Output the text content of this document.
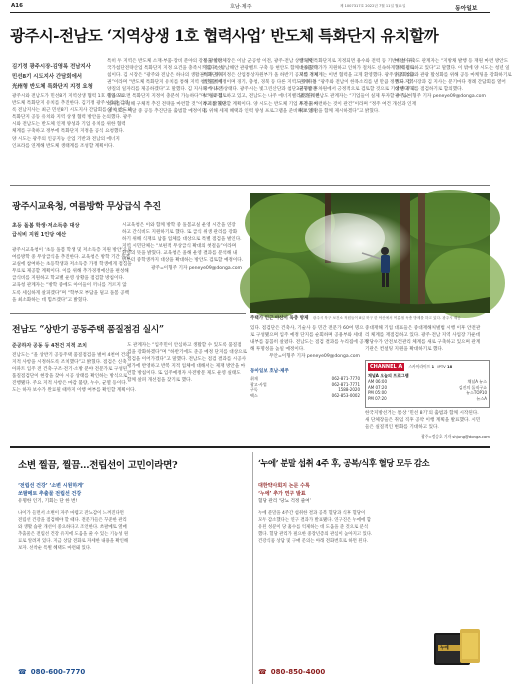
A16	호남·제주	제 1007317호 2022년 7월 11일 월요일	동아일보
광주시-전남도 ‘지역상생 1호 협력사업’ 반도체 특화단지 유치할까
김기정 광주시장-김영록 전남지사
민선8기 시도지사 간담회에서
光州형 반도체 특화단지 지정 요청
광주시와 전남도가 민선8기 지역상생 협력 1호 사업으로
반도체 특화단지 유치를 추진한다. 김기정 광주시장과 김영
록 전남지사는 최근 민선8기 시도지사 간담회를 열어 반도체
특화단지 공동 유치와 지역 상생 협력 방안을 논의했다. 광주
시와 전남도는 반도체 인재 양성과 기업 유치를 위한 협력
체계를 구축하고 정부에 특화단지 지정을 공식 요청했다.
양 시도는 광주의 인공지능 산업 기반과 전남의 에너지
인프라를 연계해 반도체 생태계를 조성할 계획이다.
특히 두 지역은 반도체 소재·부품·장비 분야의 강점을 살려
국가첨단전략산업 특화단지 지정 요건을 충족시키겠다는 방
침이다. 김 시장은 “광주와 전남은 하나의 생활권이자 경제
권”이라며 “반도체 특화단지 유치를 통해 지역 청년들에게
양질의 일자리를 제공하겠다”고 말했다. 김 지사도 “시도가
힘을 모으면 특화단지 지정이 충분히 가능하다”며 “실무협
의체를 구성해 구체적 추진 전략을 마련할 것”이라고 밝혔다.
양 시도는 이달 중 공동 추진단을 출범할 예정이다.
두 광역단체장은 이날 군공항 이전, 광주-전남 상생 발전
기금 조성, 남해안 관광벨트 구축 등 현안도 함께 논의했다.
특화단지 지정은 산업통상자원부가 올 하반기 공모를 거쳐
결정할 예정이며 경기, 충청, 경북 등 다른 지역도 유치 경
쟁에 나선 상태다. 광주시는 빛그린산단과 첨단3지구를 후
보지로 검토하고 있고, 전남도는 나주 에너지밸리와 연계한
부지를 제안할 계획이다. 양 시도는 반도체 기업 투자 유치
를 위해 세제 혜택과 인력 양성 프로그램을 준비하고 있다.
반도체 특화단지로 지정되면 용수와 전력 등 기반시설 구축
비용을 국가가 지원하고 인허가 절차도 신속하게 처리된다.
지역 경제계는 이번 협력을 크게 환영했다. 광주상공회의소
관계자는 “광주와 전남이 한목소리를 낸 만큼 정부도 지역
균형발전 차원에서 긍정적으로 검토할 것으로 기대한다”고
말했다. 전남도 관계자는 “기업들이 실제 투자할 수 있는
조건을 마련하는 것이 관건”이라며 “정주 여건 개선과 인재
확보 방안을 함께 제시하겠다”고 밝혔다.
예산이다. 도 관계자는 “지방채 발행 등 재원 마련 방안도
함께 검토하고 있다”고 말했다. 이 밖에 양 시도는 청년 일
자리 창출과 관광 활성화를 위해 공동 마케팅을 강화하기로
했다. 김 시장과 김 지사는 분기마다 정례 간담회를 열어
상생 과제를 점검하기로 합의했다.
광주=이형주 기자 peneye09@donga.com
광주시교육청, 여름방학 무상급식 추진
초등 돌봄 학생·저소득층 대상
급식비 지원 1인당 예산
광주시교육청이 ‘초등 돌봄 학생 및 저소득층 지원 방안’으로
여름방학 중 무상급식을 추진한다. 교육청은 방학 기간 돌봄
교실에 참여하는 초등학생과 저소득층 가정 학생에게 점심을
무료로 제공할 계획이다. 이를 위해 추가경정예산을 편성해
급식비를 지원하고 학교별 운영 상황을 점검할 방침이다.
교육청 관계자는 “방학 중에도 아이들이 끼니를 거르지 않
도록 세심하게 살피겠다”며 “학부모 부담을 덜고 돌봄 공백
을 최소화하는 데 힘쓰겠다”고 밝혔다.
시교육청은 이와 함께 방학 중 돌봄교실 운영 시간을 연장
하고 간식비도 지원하기로 했다. 또 급식 위생 관리를 강화
하기 위해 식재료 납품 업체를 대상으로 특별 점검을 벌인다.
지역 시민단체는 “보편적 무상급식 확대의 첫걸음”이라며
환영의 뜻을 밝혔다. 교육청은 올해 운영 결과를 분석해 내
년부터 중학생까지 대상을 확대하는 방안도 검토할 예정이다.
광주=이형주 기자 peneye09@donga.com
주택가 인근 야산서 독충 방제 광주시 북구 보건소 직원들이 8일 북구 한 야산에서 여름철 독충 방제를 하고 있다. 광주시 제공
전남도 “상반기 공동주택 품질점검 실시”
준공하자 공동 등 4천건 지적 조치
전남도는 “올 상반기 공동주택 품질점검을 벌여 4천여 건의
지적 사항을 시정하도록 조치했다”고 밝혔다. 점검은 신축
아파트 입주 전 건축·구조·전기·소방 분야 전문가로 구성된
품질점검단이 현장을 찾아 시공 상태를 확인하는 방식으로
진행됐다. 주요 지적 사항은 마감 불량, 누수, 균열 등이다.
도는 하자 보수가 완료될 때까지 이행 여부를 확인할 계획이다.
도 관계자는 “입주민이 안심하고 생활할 수 있도록 품질점
검을 강화하겠다”며 “하반기에도 준공 예정 단지를 대상으로
점검을 이어가겠다”고 말했다. 전남도는 점검 결과를 시공사
평가에 반영하고 반복 지적 업체에 대해서는 제재 방안을 마
련할 방침이다. 또 입주예정자 사전방문 제도 운영 실태도
함께 살펴 개선점을 찾기로 했다.
있다. 점검단은 건축사, 기술사 등 민간 전문가 60여 명으
로 구성됐으며 입주 예정 단지를 순회하며 공용부와 세대
내부를 꼼꼼히 살폈다. 전남도는 점검 결과를 누리집에 공개
해 투명성을 높일 예정이다.
무안=이형주 기자 peneye09@donga.com
중대재해 기업 대표들은 중대재해처벌법 시행 이후 안전관
리 체계를 재점검하고 있다. 광주·전남 지역 사업장 가운데
상당수가 안전보건관리 체계를 새로 구축하고 있으며 관계
기관은 컨설팅 지원을 확대하기로 했다.
동아일보 호남·제주
취재	062-871-7770
광고·사업	062-871-7771
구독	1588-2020
팩스	062-853-0002
CHANNEL A	스카이라이프 1 IPTV 18
채널A 오늘의 프로그램
AM 06:00	채널A 뉴스
AM 07:20	김진의 돌직구쇼
PM 05:00	뉴스TOP10
PM 07:20	뉴스A
한국지방선거는 통상 ‘민선 8기’의 출범과 함께 시작된다.
새 단체장들은 취임 직후 공약 이행 계획을 발표했다. 시민
들은 실질적인 변화를 기대하고 있다.
광주=정승호 기자 shjung@donga.com
소변 찔끔, 찔끔…전립선이 고민이라면?
‘전립선 건강’ ‘소변 시원하게’
쏘팔메토 추출물 전립선 건강
유명한 인기, 기회는 단 한 번!
나이가 들면서 소변이 자주 마렵고 잔뇨감이 느껴진다면
전립선 건강을 점검해야 할 때다. 전문가들은 꾸준한 관리
와 생활 습관 개선이 중요하다고 조언한다. 쏘팔메토 열매
추출물은 전립선 건강 유지에 도움을 줄 수 있는 기능성 원
료로 알려져 있다. 지금 상담 전화로 자세한 내용을 확인해
보자. 선착순 특별 혜택도 마련돼 있다.
☎ 080-600-7770
‘누에’ 분말 섭취 4주 후, 공복/식후 혈당 모두 감소
대한약사회지 논문 수록
‘누에’ 추가 연구 발표
혈당 관리 ‘당뇨 걱정 줄여’
누에 분말을 4주간 섭취한 결과 공복 혈당과 식후 혈당이
모두 감소했다는 연구 결과가 발표됐다. 연구진은 누에에 함
유된 성분이 당 흡수를 억제하는 데 도움을 준 것으로 분석
했다. 혈당 관리가 필요한 중장년층의 관심이 높아지고 있다.
건강식품 상담 및 구매 문의는 아래 전화번호로 하면 된다.
누에
☎ 080-850-4000
